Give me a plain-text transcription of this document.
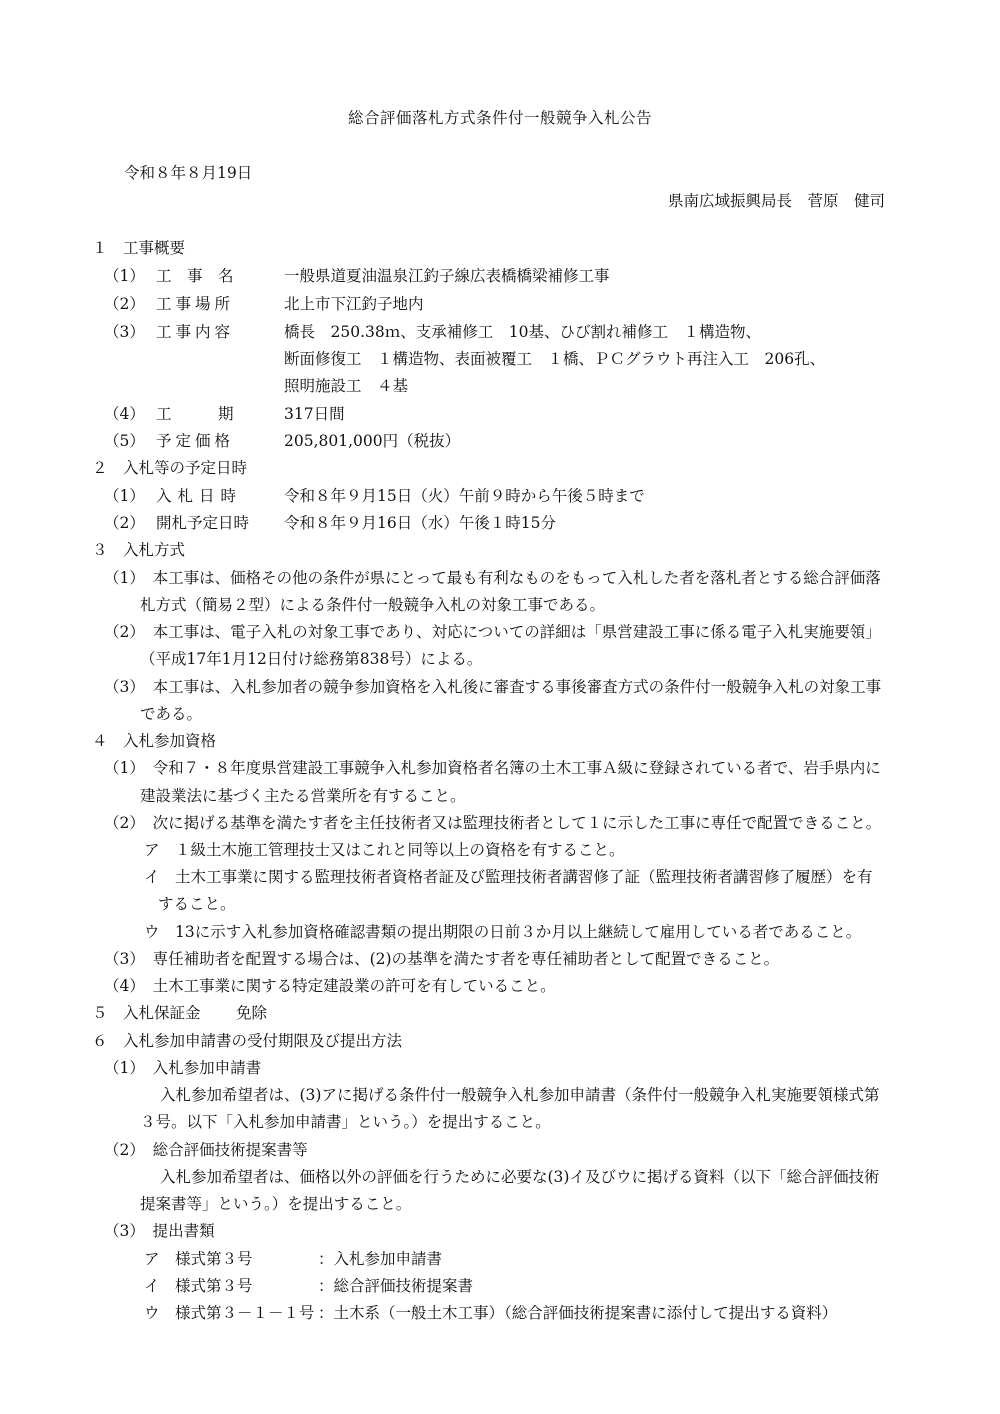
総合評価落札方式条件付一般競争入札公告
令和８年８月19日
県南広域振興局長　菅原　健司
１　工事概要
（1） 工　事　名	一般県道夏油温泉江釣子線広表橋橋梁補修工事
（2） 工事場所	北上市下江釣子地内
（3） 工事内容	橋長　250.38ｍ、支承補修工　10基、ひび割れ補修工　１構造物、
断面修復工　１構造物、表面被覆工　１橋、ＰＣグラウト再注入工　206孔、
照明施設工　４基
（4） 工　　　期	317日間
（5） 予定価格	205,801,000円（税抜）
２　入札等の予定日時
（1） 入札日時	令和８年９月15日（火）午前９時から午後５時まで
（2） 開札予定日時 令和８年９月16日（水）午後１時15分
３　入札方式
（1）　本工事は、価格その他の条件が県にとって最も有利なものをもって入札した者を落札者とする総合評価落
札方式（簡易２型）による条件付一般競争入札の対象工事である。
（2）　本工事は、電子入札の対象工事であり、対応についての詳細は「県営建設工事に係る電子入札実施要領」
（平成17年1月12日付け総務第838号）による。
（3）　本工事は、入札参加者の競争参加資格を入札後に審査する事後審査方式の条件付一般競争入札の対象工事
である。
４　入札参加資格
（1）　令和７・８年度県営建設工事競争入札参加資格者名簿の土木工事Ａ級に登録されている者で、岩手県内に
建設業法に基づく主たる営業所を有すること。
（2）　次に掲げる基準を満たす者を主任技術者又は監理技術者として１に示した工事に専任で配置できること。
ア　１級土木施工管理技士又はこれと同等以上の資格を有すること。
イ　土木工事業に関する監理技術者資格者証及び監理技術者講習修了証（監理技術者講習修了履歴）を有
すること。
ウ　13に示す入札参加資格確認書類の提出期限の日前３か月以上継続して雇用している者であること。
（3）　専任補助者を配置する場合は、(2)の基準を満たす者を専任補助者として配置できること。
（4）　土木工事業に関する特定建設業の許可を有していること。
５　入札保証金 免除
６　入札参加申請書の受付期限及び提出方法
（1）　入札参加申請書
入札参加希望者は、(3)アに掲げる条件付一般競争入札参加申請書（条件付一般競争入札実施要領様式第
３号。以下「入札参加申請書」という。）を提出すること。
（2）　総合評価技術提案書等
入札参加希望者は、価格以外の評価を行うために必要な(3)イ及びウに掲げる資料（以下「総合評価技術
提案書等」という。）を提出すること。
（3）　提出書類
ア　様式第３号	：入札参加申請書
イ　様式第３号	：総合評価技術提案書
ウ　様式第３－１－１号 ：土木系（一般土木工事）（総合評価技術提案書に添付して提出する資料）
